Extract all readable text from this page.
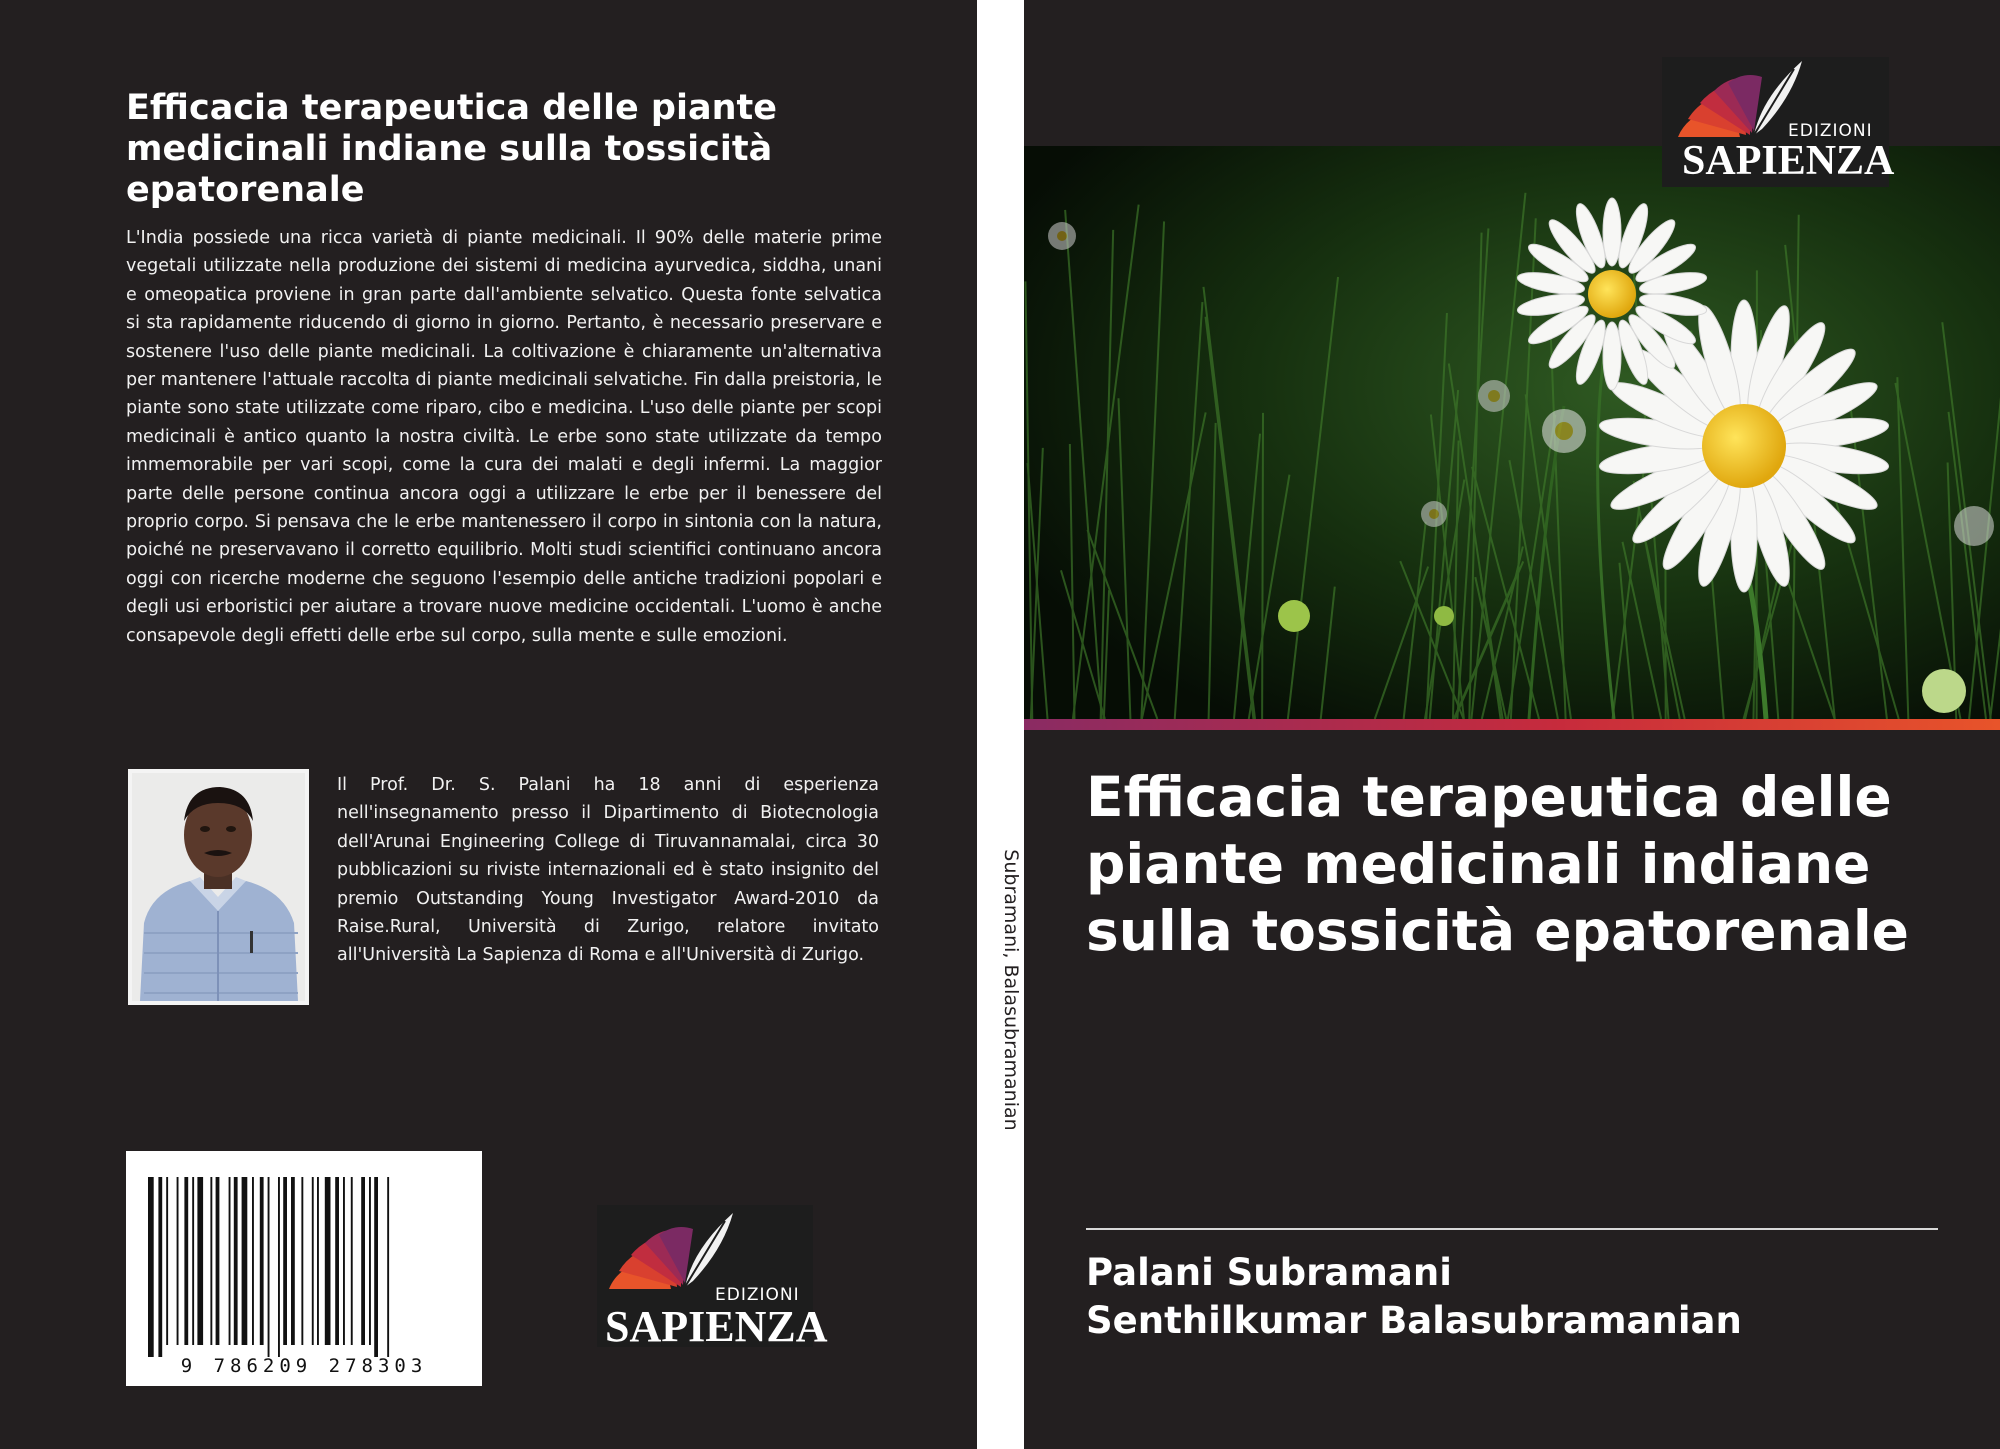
Efficacia terapeutica delle piante medicinali indiane sulla tossicità epatorenale

L'India possiede una ricca varietà di piante medicinali. Il 90% delle materie prime vegetali utilizzate nella produzione dei sistemi di medicina ayurvedica, siddha, unani e omeopatica proviene in gran parte dall'ambiente selvatico. Questa fonte selvatica si sta rapidamente riducendo di giorno in giorno. Pertanto, è necessario preservare e sostenere l'uso delle piante medicinali. La coltivazione è chiaramente un'alternativa per mantenere l'attuale raccolta di piante medicinali selvatiche. Fin dalla preistoria, le piante sono state utilizzate come riparo, cibo e medicina. L'uso delle piante per scopi medicinali è antico quanto la nostra civiltà. Le erbe sono state utilizzate da tempo immemorabile per vari scopi, come la cura dei malati e degli infermi. La maggior parte delle persone continua ancora oggi a utilizzare le erbe per il benessere del proprio corpo. Si pensava che le erbe mantenessero il corpo in sintonia con la natura, poiché ne preservavano il corretto equilibrio. Molti studi scientifici continuano ancora oggi con ricerche moderne che seguono l'esempio delle antiche tradizioni popolari e degli usi erboristici per aiutare a trovare nuove medicine occidentali. L'uomo è anche consapevole degli effetti delle erbe sul corpo, sulla mente e sulle emozioni.

Il Prof. Dr. S. Palani ha 18 anni di esperienza nell'insegnamento presso il Dipartimento di Biotecnologia dell'Arunai Engineering College di Tiruvannamalai, circa 30 pubblicazioni su riviste internazionali ed è stato insignito del premio Outstanding Young Investigator Award-2010 da Raise.Rural, Università di Zurigo, relatore invitato all'Università La Sapienza di Roma e all'Università di Zurigo.

9 786209 278303
EDIZIONI
SAPIENZA
Subramani, Balasubramanian
EDIZIONI
SAPIENZA
Efficacia terapeutica delle piante medicinali indiane sulla tossicità epatorenale
Palani Subramani
Senthilkumar Balasubramanian
